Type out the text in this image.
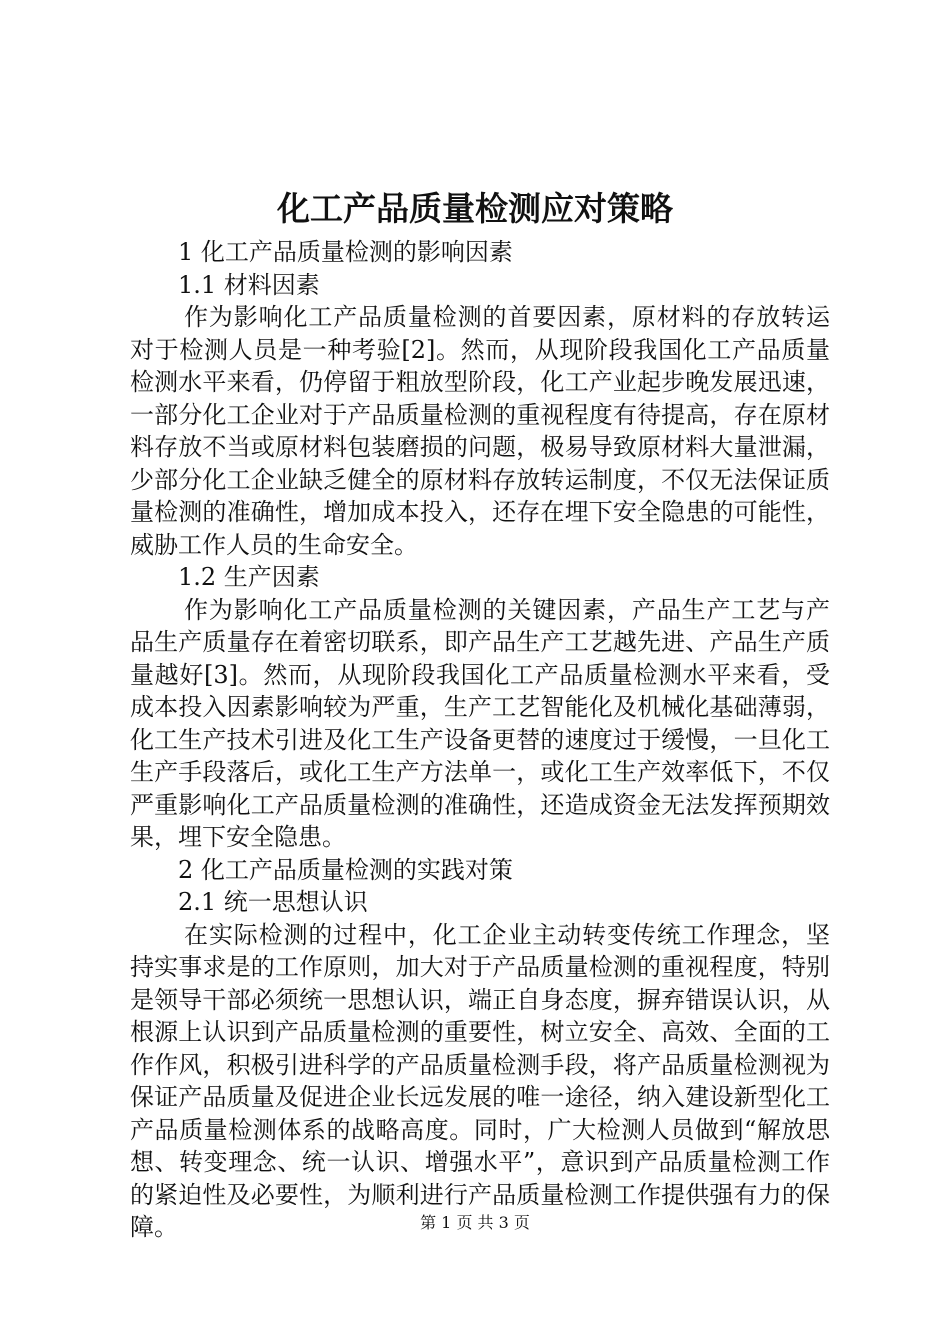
化工产品质量检测应对策略

1 化工产品质量检测的影响因素

1.1 材料因素

作为影响化工产品质量检测的首要因素，原材料的存放转运对于检测人员是一种考验[2]。然而，从现阶段我国化工产品质量检测水平来看，仍停留于粗放型阶段，化工产业起步晚发展迅速，一部分化工企业对于产品质量检测的重视程度有待提高，存在原材料存放不当或原材料包装磨损的问题，极易导致原材料大量泄漏，少部分化工企业缺乏健全的原材料存放转运制度，不仅无法保证质量检测的准确性，增加成本投入，还存在埋下安全隐患的可能性，威胁工作人员的生命安全。

1.2 生产因素

作为影响化工产品质量检测的关键因素，产品生产工艺与产品生产质量存在着密切联系，即产品生产工艺越先进、产品生产质量越好[3]。然而，从现阶段我国化工产品质量检测水平来看，受成本投入因素影响较为严重，生产工艺智能化及机械化基础薄弱，化工生产技术引进及化工生产设备更替的速度过于缓慢，一旦化工生产手段落后，或化工生产方法单一，或化工生产效率低下，不仅严重影响化工产品质量检测的准确性，还造成资金无法发挥预期效果，埋下安全隐患。

2 化工产品质量检测的实践对策

2.1 统一思想认识

在实际检测的过程中，化工企业主动转变传统工作理念，坚持实事求是的工作原则，加大对于产品质量检测的重视程度，特别是领导干部必须统一思想认识，端正自身态度，摒弃错误认识，从根源上认识到产品质量检测的重要性，树立安全、高效、全面的工作作风，积极引进科学的产品质量检测手段，将产品质量检测视为保证产品质量及促进企业长远发展的唯一途径，纳入建设新型化工产品质量检测体系的战略高度。同时，广大检测人员做到“解放思想、转变理念、统一认识、增强水平”，意识到产品质量检测工作的紧迫性及必要性，为顺利进行产品质量检测工作提供强有力的保障。	第 1 页 共 3 页
